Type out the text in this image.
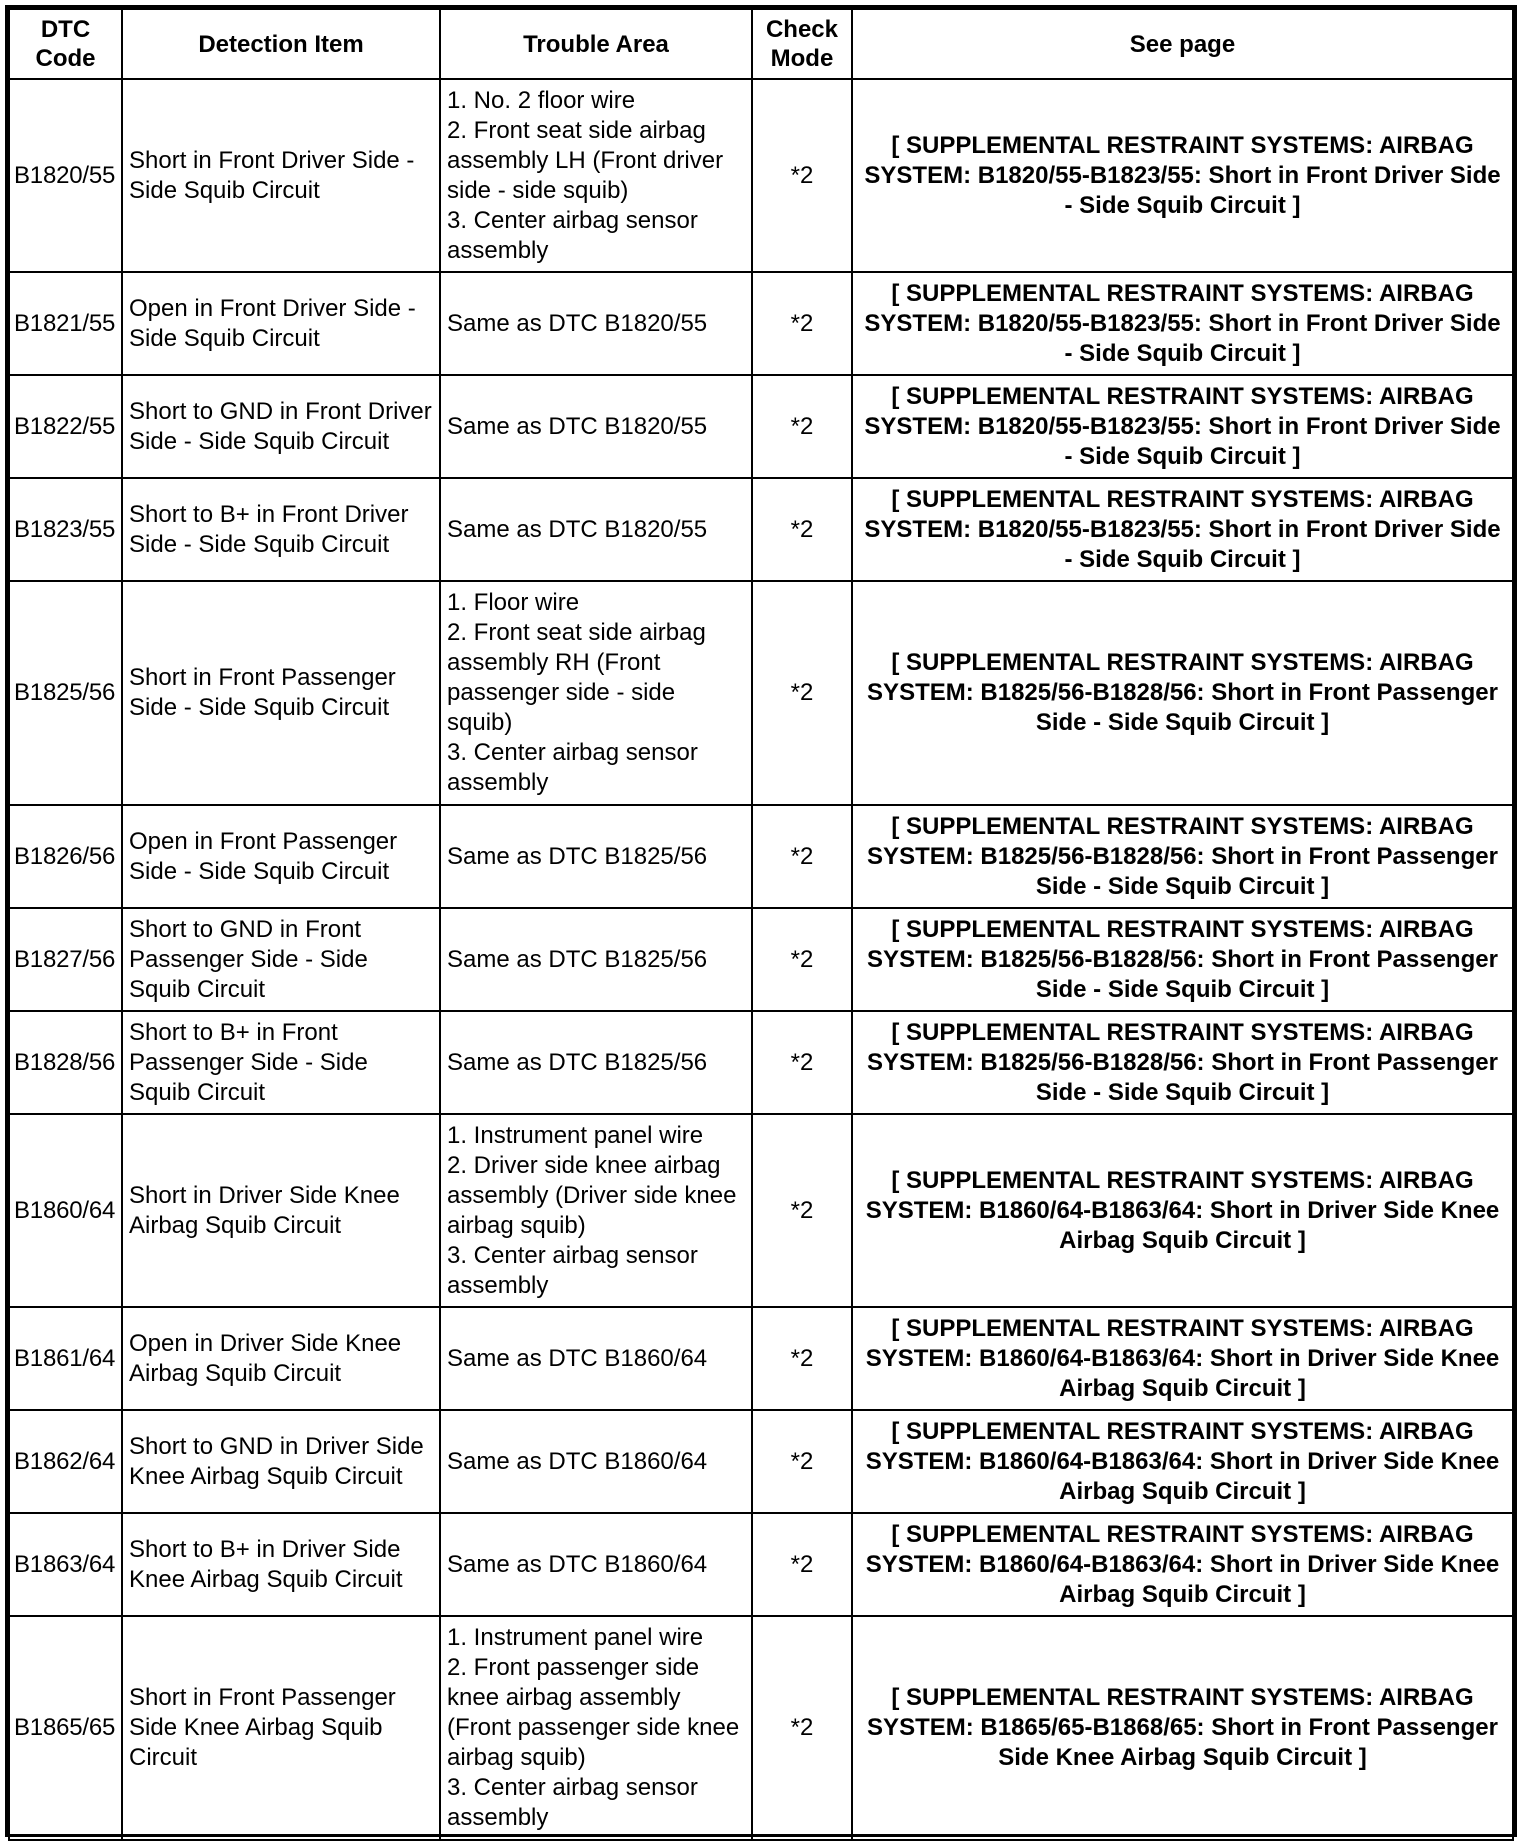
DTC
Code	Detection Item	Trouble Area	Check
Mode	See page
B1820/55	Short in Front Driver Side - Side Squib Circuit	1. No. 2 floor wire
2. Front seat side airbag assembly LH (Front driver side - side squib)
3. Center airbag sensor assembly	*2	[ SUPPLEMENTAL RESTRAINT SYSTEMS: AIRBAG SYSTEM: B1820/55-B1823/55: Short in Front Driver Side - Side Squib Circuit ]
B1821/55	Open in Front Driver Side - Side Squib Circuit	Same as DTC B1820/55	*2	[ SUPPLEMENTAL RESTRAINT SYSTEMS: AIRBAG SYSTEM: B1820/55-B1823/55: Short in Front Driver Side - Side Squib Circuit ]
B1822/55	Short to GND in Front Driver Side - Side Squib Circuit	Same as DTC B1820/55	*2	[ SUPPLEMENTAL RESTRAINT SYSTEMS: AIRBAG SYSTEM: B1820/55-B1823/55: Short in Front Driver Side - Side Squib Circuit ]
B1823/55	Short to B+ in Front Driver Side - Side Squib Circuit	Same as DTC B1820/55	*2	[ SUPPLEMENTAL RESTRAINT SYSTEMS: AIRBAG SYSTEM: B1820/55-B1823/55: Short in Front Driver Side - Side Squib Circuit ]
B1825/56	Short in Front Passenger Side - Side Squib Circuit	1. Floor wire
2. Front seat side airbag assembly RH (Front passenger side - side squib)
3. Center airbag sensor assembly	*2	[ SUPPLEMENTAL RESTRAINT SYSTEMS: AIRBAG SYSTEM: B1825/56-B1828/56: Short in Front Passenger Side - Side Squib Circuit ]
B1826/56	Open in Front Passenger Side - Side Squib Circuit	Same as DTC B1825/56	*2	[ SUPPLEMENTAL RESTRAINT SYSTEMS: AIRBAG SYSTEM: B1825/56-B1828/56: Short in Front Passenger Side - Side Squib Circuit ]
B1827/56	Short to GND in Front Passenger Side - Side Squib Circuit	Same as DTC B1825/56	*2	[ SUPPLEMENTAL RESTRAINT SYSTEMS: AIRBAG SYSTEM: B1825/56-B1828/56: Short in Front Passenger Side - Side Squib Circuit ]
B1828/56	Short to B+ in Front Passenger Side - Side Squib Circuit	Same as DTC B1825/56	*2	[ SUPPLEMENTAL RESTRAINT SYSTEMS: AIRBAG SYSTEM: B1825/56-B1828/56: Short in Front Passenger Side - Side Squib Circuit ]
B1860/64	Short in Driver Side Knee Airbag Squib Circuit	1. Instrument panel wire
2. Driver side knee airbag assembly (Driver side knee airbag squib)
3. Center airbag sensor assembly	*2	[ SUPPLEMENTAL RESTRAINT SYSTEMS: AIRBAG SYSTEM: B1860/64-B1863/64: Short in Driver Side Knee Airbag Squib Circuit ]
B1861/64	Open in Driver Side Knee Airbag Squib Circuit	Same as DTC B1860/64	*2	[ SUPPLEMENTAL RESTRAINT SYSTEMS: AIRBAG SYSTEM: B1860/64-B1863/64: Short in Driver Side Knee Airbag Squib Circuit ]
B1862/64	Short to GND in Driver Side Knee Airbag Squib Circuit	Same as DTC B1860/64	*2	[ SUPPLEMENTAL RESTRAINT SYSTEMS: AIRBAG SYSTEM: B1860/64-B1863/64: Short in Driver Side Knee Airbag Squib Circuit ]
B1863/64	Short to B+ in Driver Side Knee Airbag Squib Circuit	Same as DTC B1860/64	*2	[ SUPPLEMENTAL RESTRAINT SYSTEMS: AIRBAG SYSTEM: B1860/64-B1863/64: Short in Driver Side Knee Airbag Squib Circuit ]
B1865/65	Short in Front Passenger Side Knee Airbag Squib Circuit	1. Instrument panel wire
2. Front passenger side knee airbag assembly (Front passenger side knee airbag squib)
3. Center airbag sensor assembly	*2	[ SUPPLEMENTAL RESTRAINT SYSTEMS: AIRBAG SYSTEM: B1865/65-B1868/65: Short in Front Passenger Side Knee Airbag Squib Circuit ]
